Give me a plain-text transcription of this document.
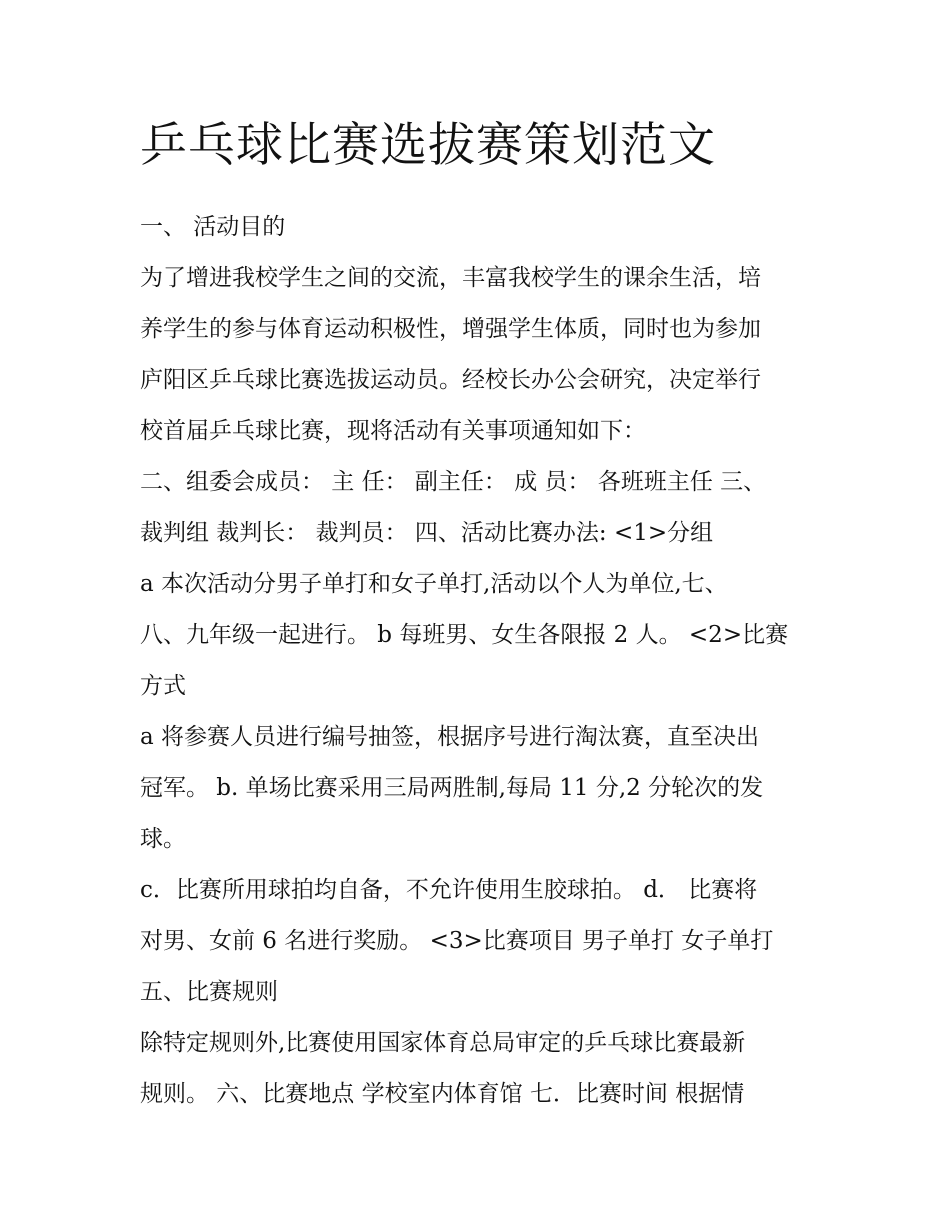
乒乓球比赛选拔赛策划范文

一、 活动目的

为了增进我校学生之间的交流，丰富我校学生的课余生活，培

养学生的参与体育运动积极性，增强学生体质，同时也为参加

庐阳区乒乓球比赛选拔运动员。经校长办公会研究，决定举行

校首届乒乓球比赛，现将活动有关事项通知如下：

二、组委会成员： 主 任： 副主任： 成 员： 各班班主任 三、

裁判组 裁判长： 裁判员： 四、活动比赛办法: <1>分组

a 本次活动分男子单打和女子单打,活动以个人为单位,七、

八、九年级一起进行。 b 每班男、女生各限报 2 人。 <2>比赛

方式

a 将参赛人员进行编号抽签，根据序号进行淘汰赛，直至决出

冠军。 b. 单场比赛采用三局两胜制,每局 11 分,2 分轮次的发

球。

c．比赛所用球拍均自备，不允许使用生胶球拍。 d． 比赛将

对男、女前 6 名进行奖励。 <3>比赛项目 男子单打 女子单打

五、比赛规则

除特定规则外,比赛使用国家体育总局审定的乒乓球比赛最新

规则。 六、比赛地点 学校室内体育馆 七．比赛时间 根据情
